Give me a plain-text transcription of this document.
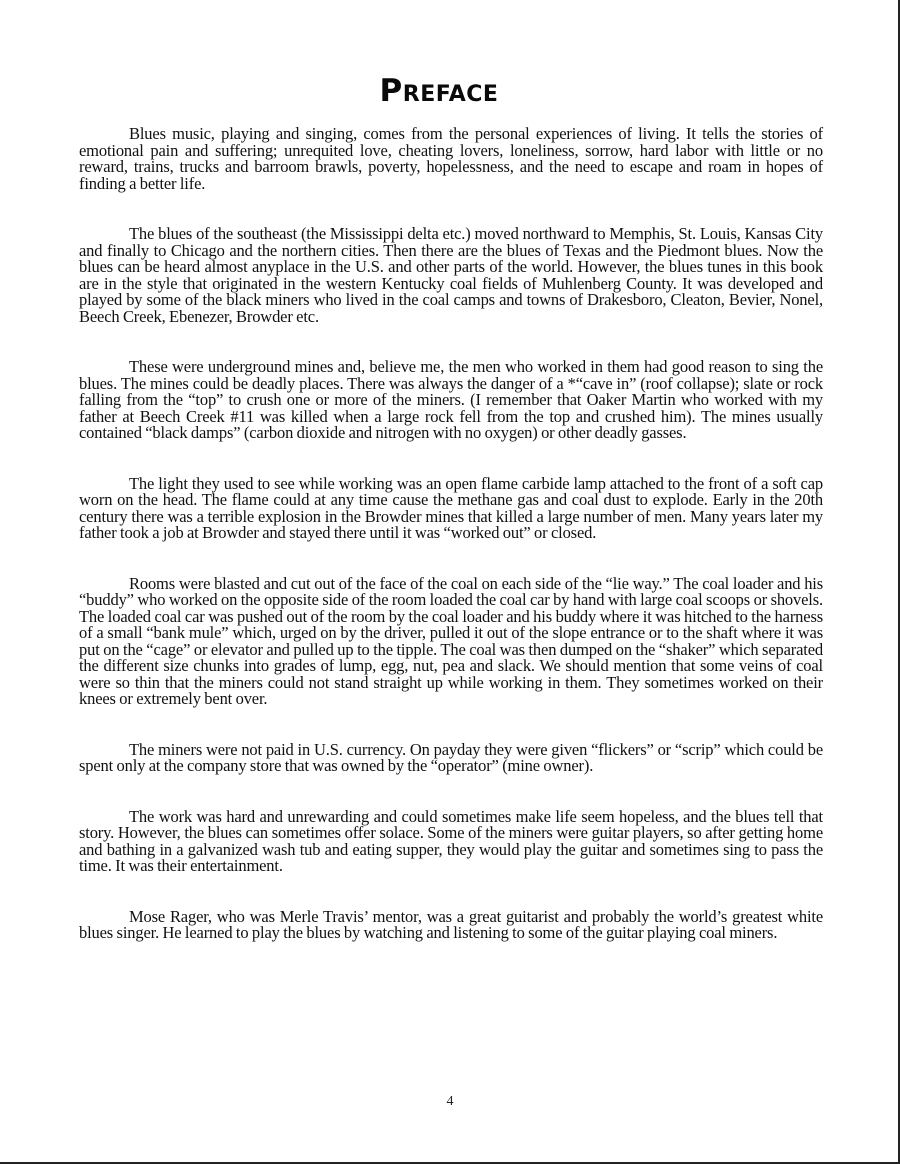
Preface

Blues music, playing and singing, comes from the personal experiences of living. It tells the stories of emotional pain and suffering; unrequited love, cheating lovers, loneliness, sorrow, hard labor with little or no reward, trains, trucks and barroom brawls, poverty, hopelessness, and the need to escape and roam in hopes of finding a better life.

The blues of the southeast (the Mississippi delta etc.) moved northward to Memphis, St. Louis, Kansas City and finally to Chicago and the northern cities. Then there are the blues of Texas and the Piedmont blues. Now the blues can be heard almost anyplace in the U.S. and other parts of the world. However, the blues tunes in this book are in the style that originated in the western Kentucky coal fields of Muhlenberg County. It was developed and played by some of the black miners who lived in the coal camps and towns of Drakesboro, Cleaton, Bevier, Nonel, Beech Creek, Ebenezer, Browder etc.

These were underground mines and, believe me, the men who worked in them had good reason to sing the blues. The mines could be deadly places. There was always the danger of a *“cave in” (roof collapse); slate or rock falling from the “top” to crush one or more of the miners. (I remember that Oaker Martin who worked with my father at Beech Creek #11 was killed when a large rock fell from the top and crushed him). The mines usually contained “black damps” (carbon dioxide and nitrogen with no oxygen) or other deadly gasses.

The light they used to see while working was an open flame carbide lamp attached to the front of a soft cap worn on the head. The flame could at any time cause the methane gas and coal dust to explode. Early in the 20th century there was a terrible explosion in the Browder mines that killed a large number of men. Many years later my father took a job at Browder and stayed there until it was “worked out” or closed.

Rooms were blasted and cut out of the face of the coal on each side of the “lie way.” The coal loader and his “buddy” who worked on the opposite side of the room loaded the coal car by hand with large coal scoops or shovels. The loaded coal car was pushed out of the room by the coal loader and his buddy where it was hitched to the harness of a small “bank mule” which, urged on by the driver, pulled it out of the slope entrance or to the shaft where it was put on the “cage” or elevator and pulled up to the tipple. The coal was then dumped on the “shaker” which separated the different size chunks into grades of lump, egg, nut, pea and slack. We should mention that some veins of coal were so thin that the miners could not stand straight up while working in them. They sometimes worked on their knees or extremely bent over.

The miners were not paid in U.S. currency. On payday they were given “flickers” or “scrip” which could be spent only at the company store that was owned by the “operator” (mine owner).

The work was hard and unrewarding and could sometimes make life seem hopeless, and the blues tell that story. However, the blues can sometimes offer solace. Some of the miners were guitar players, so after getting home and bathing in a galvanized wash tub and eating supper, they would play the guitar and sometimes sing to pass the time. It was their entertainment.

Mose Rager, who was Merle Travis’ mentor, was a great guitarist and probably the world’s greatest white blues singer. He learned to play the blues by watching and listening to some of the guitar playing coal miners.

4
